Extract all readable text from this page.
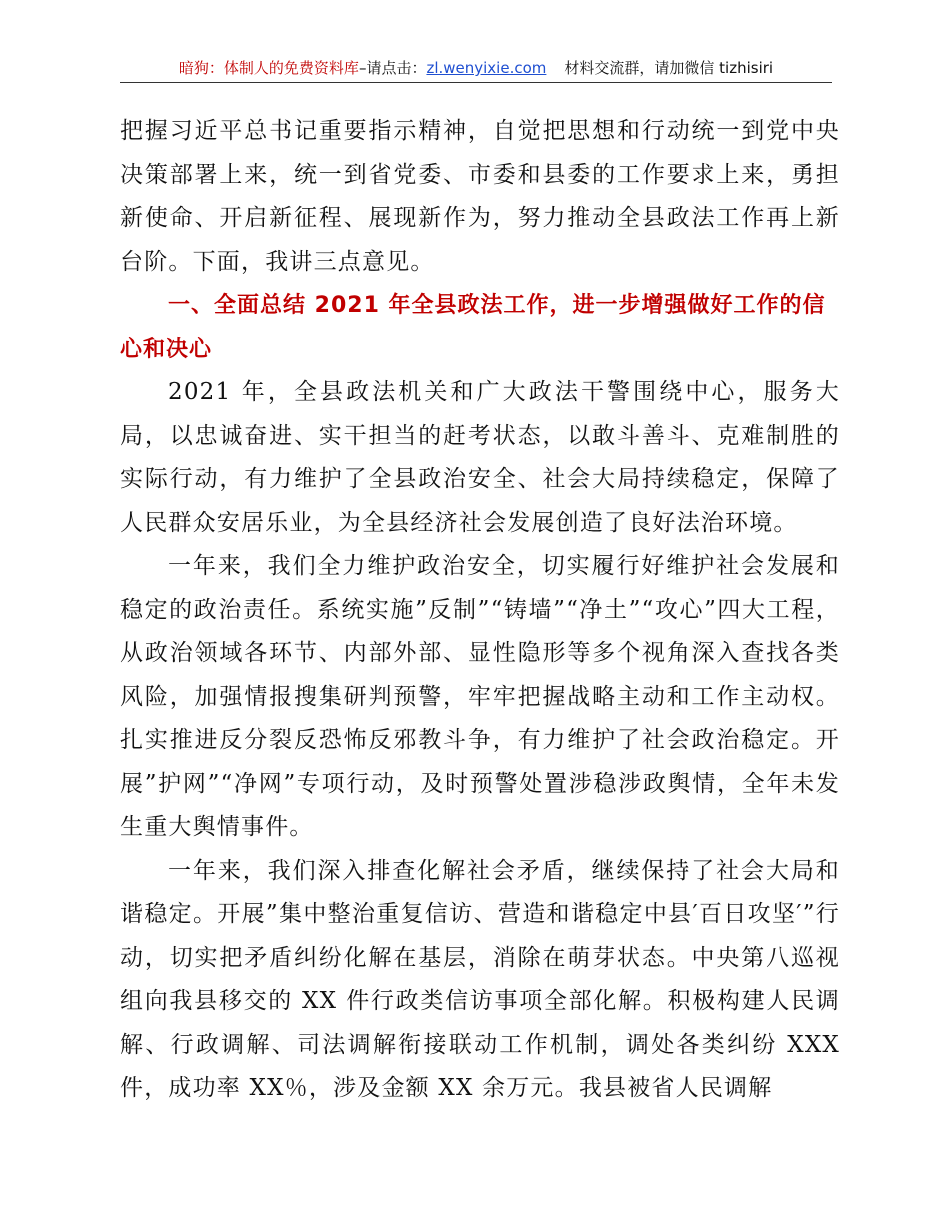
暗狗：体制人的免费资料库–请点击：zl.wenyixie.com 材料交流群，请加微信 tizhisiri

把握习近平总书记重要指示精神，自觉把思想和行动统一到党中央决策部署上来，统一到省党委、市委和县委的工作要求上来，勇担新使命、开启新征程、展现新作为，努力推动全县政法工作再上新台阶。下面，我讲三点意见。

一、全面总结 2021 年全县政法工作，进一步增强做好工作的信心和决心

2021 年，全县政法机关和广大政法干警围绕中心，服务大局，以忠诚奋进、实干担当的赶考状态，以敢斗善斗、克难制胜的实际行动，有力维护了全县政治安全、社会大局持续稳定，保障了人民群众安居乐业，为全县经济社会发展创造了良好法治环境。

一年来，我们全力维护政治安全，切实履行好维护社会发展和稳定的政治责任。系统实施”反制”“铸墙”“净土”“攻心”四大工程，从政治领域各环节、内部外部、显性隐形等多个视角深入查找各类风险，加强情报搜集研判预警，牢牢把握战略主动和工作主动权。扎实推进反分裂反恐怖反邪教斗争，有力维护了社会政治稳定。开展”护网”“净网”专项行动，及时预警处置涉稳涉政舆情，全年未发生重大舆情事件。

一年来，我们深入排查化解社会矛盾，继续保持了社会大局和谐稳定。开展”集中整治重复信访、营造和谐稳定中县′百日攻坚′”行动，切实把矛盾纠纷化解在基层，消除在萌芽状态。中央第八巡视组向我县移交的 XX 件行政类信访事项全部化解。积极构建人民调解、行政调解、司法调解衔接联动工作机制，调处各类纠纷 XXX 件，成功率 XX％，涉及金额 XX 余万元。我县被省人民调解
